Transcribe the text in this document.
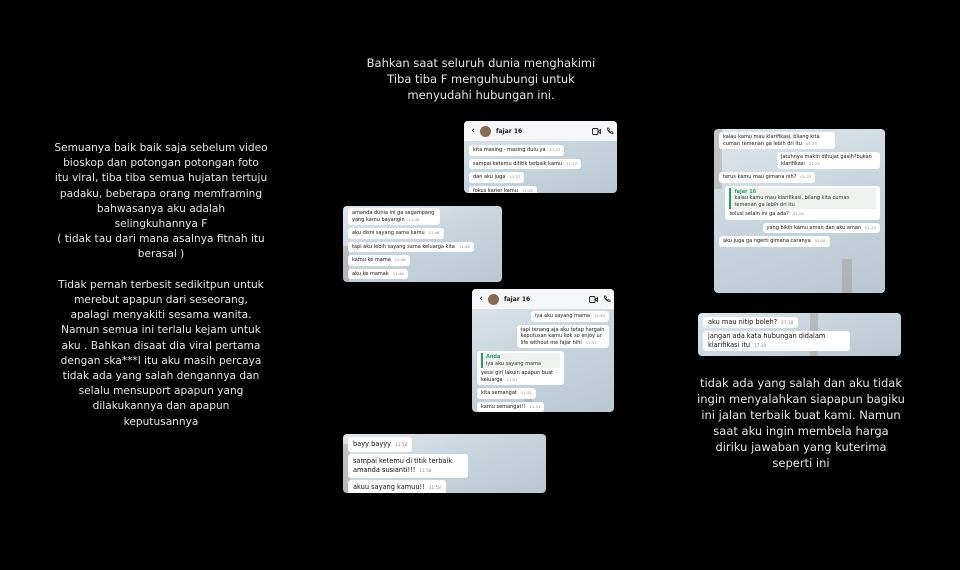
Bahkan saat seluruh dunia menghakimi
Tiba tiba F menguhubungi untuk
menyudahi hubungan ini.
Semuanya baik baik saja sebelum video
bioskop dan potongan potongan foto
itu viral, tiba tiba semua hujatan tertuju
padaku, beberapa orang memframing
bahwasanya aku adalah
selingkuhannya F
( tidak tau dari mana asalnya fitnah itu
berasal )

Tidak pernah terbesit sedikitpun untuk
merebut apapun dari seseorang,
apalagi menyakiti sesama wanita.
Namun semua ini terlalu kejam untuk
aku . Bahkan disaat dia viral pertama
dengan ska***l itu aku masih percaya
tidak ada yang salah dengannya dan
selalu mensuport apapun yang
dilakukannya dan apapun
keputusannya
tidak ada yang salah dan aku tidak
ingin menyalahkan siapapun bagiku
ini jalan terbaik buat kami. Namun
saat aku ingin membela harga
diriku jawaban yang kuterima
seperti ini
‹	fajar 16
kita masing - masing dulu ya 11:27
sampai ketemu dititik terbaik kamu 11:27
dan aku juga 11:27
fokus karier kamu 11:28
amanda dunia ini ga segampang yang kamu bayangin 11:46
aku disni sayang sama kamu 11:46
tapi aku lebih sayang sama keluarga kita 11:46
kamu ke mama 11:46
aku ke mamak 11:46
‹	fajar 16
iya aku sayang mama 11:50
tapi tenang aja aku tetap hargain keputusan kamu kok so enjoy ur life without me fajar hihi 11:51
Anda
iya aku sayang mama
yessi girl lakuin apapun buat keluarga 11:51
kita semangat 11:51
kamu semangat!! 11:51
bayy bayyy 11:58
sampai ketemu di titik terbaik amanda susianti!!! 11:58
akuu sayang kamuu!! 11:58
kalau kamu mau klarifikasi, bilang kita cuman temenan ga lebih dri itu 01:23
jatuhnya makin dihujat gasih?bukan klarifikasi 01:23
terus kamu mau gimana nih? 01:23
fajar 16
kalau kamu mau klarifikasi, bilang kita cuman temenan ga lebih dri itu
solusi selain ini ga ada? 01:25
yang bikin kamu aman dan aku aman 01:25
aku juga ga ngerti gimana caranya 01:28
aku mau nitip boleh? 17.18
jangan ada kata hubungan didalam klarifikasi itu 17.18
